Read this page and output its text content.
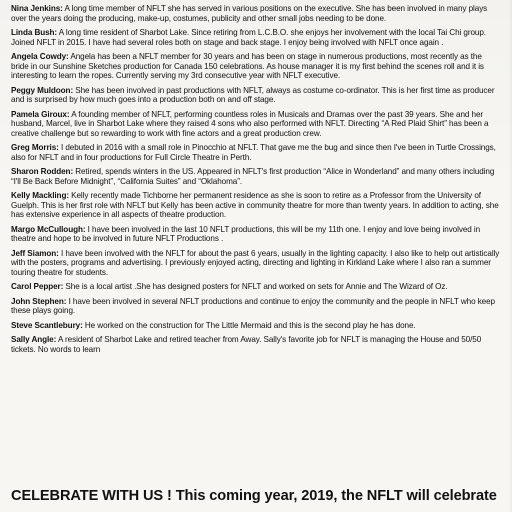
Nina Jenkins: A long time member of NFLT she has served in various positions on the executive. She has been involved in many plays over the years doing the producing, make-up, costumes, publicity and other small jobs needing to be done.

Linda Bush: A long time resident of Sharbot Lake. Since retiring from L.C.B.O. she enjoys her involvement with the local Tai Chi group. Joined NFLT in 2015. I have had several roles both on stage and back stage. I enjoy being involved with NFLT once again .

Angela Cowdy: Angela has been a NFLT member for 30 years and has been on stage in numerous productions, most recently as the bride in our Sunshine Sketches production for Canada 150 celebrations. As house manager it is my first behind the scenes roll and it is interesting to learn the ropes. Currently serving my 3rd consecutive year with NFLT executive.

Peggy Muldoon: She has been involved in past productions with NFLT, always as costume co-ordinator. This is her first time as producer and is surprised by how much goes into a production both on and off stage.

Pamela Giroux: A founding member of NFLT, performing countless roles in Musicals and Dramas over the past 39 years. She and her husband, Marcel, live in Sharbot Lake where they raised 4 sons who also performed with NFLT. Directing “A Red Plaid Shirt” has been a creative challenge but so rewarding to work with fine actors and a great production crew.

Greg Morris: I debuted in 2016 with a small role in Pinocchio at NFLT. That gave me the bug and since then I've been in Turtle Crossings, also for NFLT and in four productions for Full Circle Theatre in Perth.

Sharon Rodden: Retired, spends winters in the US. Appeared in NFLT's first production “Alice in Wonderland” and many others including “I'll Be Back Before Midnight”, “California Suites” and “Oklahoma”.

Kelly Mackling: Kelly recently made Tichborne her permanent residence as she is soon to retire as a Professor from the University of Guelph. This is her first role with NFLT but Kelly has been active in community theatre for more than twenty years. In addition to acting, she has extensive experience in all aspects of theatre production.

Margo McCullough: I have been involved in the last 10 NFLT productions, this will be my 11th one. I enjoy and love being involved in theatre and hope to be involved in future NFLT Productions .

Jeff Siamon: I have been involved with the NFLT for about the past 6 years, usually in the lighting capacity. I also like to help out artistically with the posters, programs and advertising. I previously enjoyed acting, directing and lighting in Kirkland Lake where I also ran a summer touring theatre for students.

Carol Pepper: She is a local artist .She has designed posters for NFLT and worked on sets for Annie and The Wizard of Oz.

John Stephen: I have been involved in several NFLT productions and continue to enjoy the community and the people in NFLT who keep these plays going.

Steve Scantlebury: He worked on the construction for The Little Mermaid and this is the second play he has done.

Sally Angle: A resident of Sharbot Lake and retired teacher from Away. Sally's favorite job for NFLT is managing the House and 50/50 tickets. No words to learn

CELEBRATE WITH US ! This coming year, 2019, the NFLT will celebrate
